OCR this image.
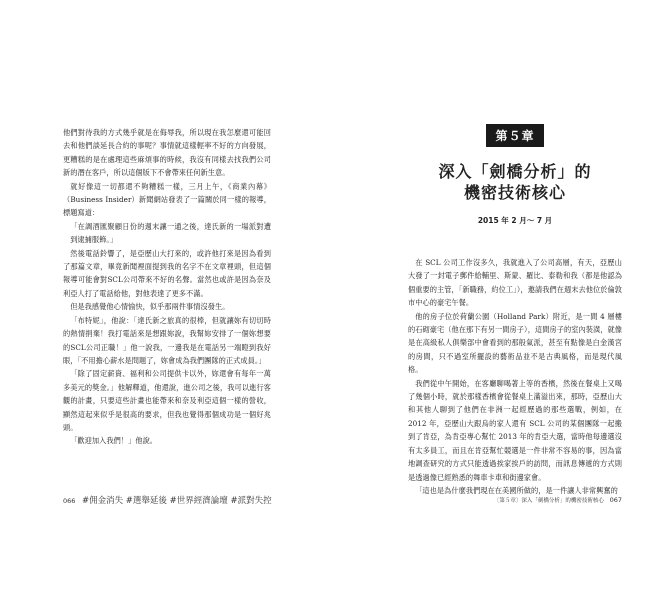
他們對待我的方式幾乎就是在侮辱我，所以現在我怎麼還可能回去和他們談延長合約的事呢？事情就這樣輕率不好的方向發展，更糟糕的是在處理這些麻煩事的時候，我沒有同樣去找我們公司新的潛在客戶，所以這個版下不會帶來任何新生意。

就好像這一切都還不夠糟糕一樣，三月上午，《商業內幕》（Business Insider）新聞網站發表了一篇關於同一樣的報導，標題寫道：

「在調酒匯聚顧日份的週末讓一通之後，達氏新的一場派對遭到逮捕服飾。」

然後電話鈴響了，是亞歷山大打來的，或許他打來是因為看到了那篇文章，畢竟新聞裡面提到我的名字不在文章裡頭，但這個報導可能會對SCL公司帶來不好的名聲。當然也或許是因為奈及利亞人打了電話給他，對他表達了更多不滿。

但是我感覺他心情愉快，似乎那兩件事情沒發生。

「布特妮」，他說：「達氏新之旅真的很棒，但就讓妳有切切時的熱情捐棄！我打電話來是想跟妳說，我幫妳安排了一個妳想要的SCL公司正職！」他一說我，一邊我是在電話另一端瞪到我好眼，「不用擔心薪水是問題了，妳會成為我們團隊的正式成員。」

「除了固定薪資、福利和公司提供卡以外，妳還會有每年一萬多美元的獎金。」他解釋道，他還說，進公司之後，我可以進行客觀的計畫，只要這些計畫也能帶來和奈及利亞這個一樣的營收，顯然這起來似乎是很高的要求，但我也覺得那個成功是一個好兆頭。

「歡迎加入我們！」他說。

066 #佣金消失 #選舉延後 #世界經濟論壇 #派對失控
第５章
深入「劍橋分析」的
機密技術核心
2015 年 2 月～ 7 月

在 SCL 公司工作沒多久，我就進入了公司高層，有天，亞歷山大發了一封電子郵件給輔里、斯蒙、羅比、泰勒和我（都是他認為個重要的主管，「新職務，約位工」），邀請我們在週末去他位於倫敦市中心的豪宅午餐。

他的房子位於荷蘭公園（Holland Park）附近，是一間 4 層樓的石砌豪宅（他在那下有另一間房子），這間房子的室內裝潢，就像是在高級私人俱樂部中會看到的那般氣派，甚至有點像是白金漢宮的房間，只不過室所擺設的藝術品並不是古典風格，而是現代風格。

我們從中午開始，在客廳聊喝著上等的香檳，然後在餐桌上又喝了幾個小時，就於那樣香檳會從餐桌上滿溢出來，那時，亞歷山大和其他人聊到了他們在非洲一起經歷過的那些選戰，例如，在 2012 年，亞歷山大跟烏的家人還有 SCL 公司的某個團隊一起搬到了肯亞，為肯亞專心幫忙 2013 年的肯亞大選，當時他每邊選沒有太多員工，而且在肯亞幫忙競選是一件非常不容易的事，因為當地調查研究的方式只能透過挨家挨戶的訪問，而訊息傳遞的方式則是透過像已經熟悉的舞車卡車和街邊家會。

「這也是為什麼我們現在在美國所做的，是一件讓人非常興奮的

〔第５章〕深入「劍橋分析」的機密技術核心 067
